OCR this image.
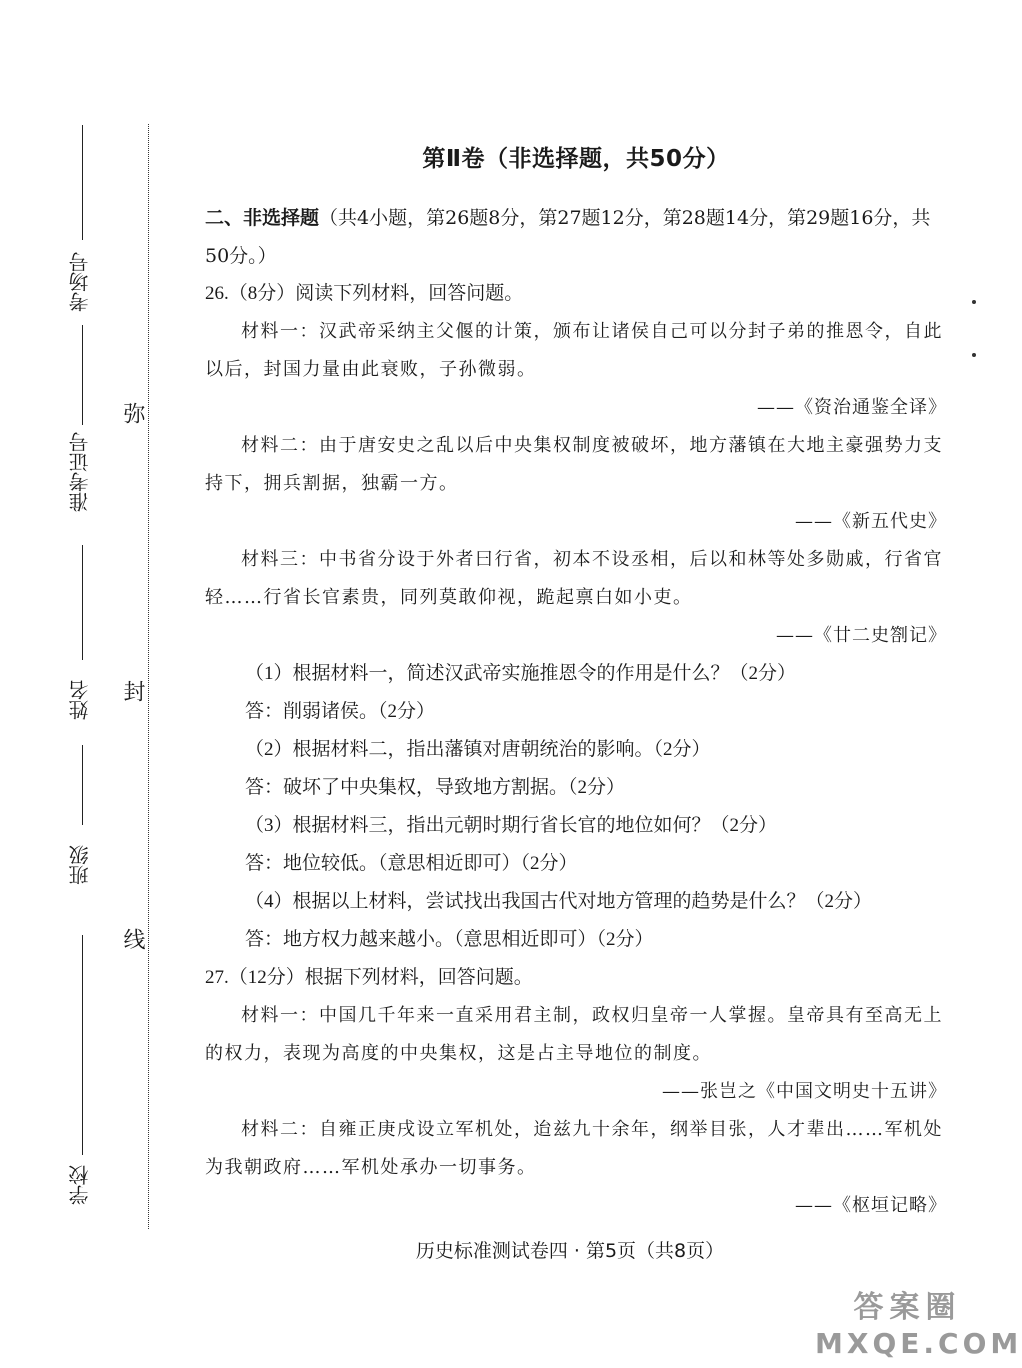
考场号
准考证号
姓名
班级
学校
弥
封
线
第Ⅱ卷（非选择题，共50分）

二、非选择题（共4小题，第26题8分，第27题12分，第28题14分，第29题16分，共50分。）

26.（8分）阅读下列材料，回答问题。

材料一：汉武帝采纳主父偃的计策，颁布让诸侯自己可以分封子弟的推恩令，自此以后，封国力量由此衰败，子孙微弱。

——《资治通鉴全译》

材料二：由于唐安史之乱以后中央集权制度被破坏，地方藩镇在大地主豪强势力支持下，拥兵割据，独霸一方。

——《新五代史》

材料三：中书省分设于外者曰行省，初本不设丞相，后以和林等处多勋戚，行省官轻……行省长官素贵，同列莫敢仰视，跪起禀白如小吏。

——《廿二史劄记》

（1）根据材料一，简述汉武帝实施推恩令的作用是什么？（2分）

答：削弱诸侯。（2分）

（2）根据材料二，指出藩镇对唐朝统治的影响。（2分）

答：破坏了中央集权，导致地方割据。（2分）

（3）根据材料三，指出元朝时期行省长官的地位如何？（2分）

答：地位较低。（意思相近即可）（2分）

（4）根据以上材料，尝试找出我国古代对地方管理的趋势是什么？（2分）

答：地方权力越来越小。（意思相近即可）（2分）

27.（12分）根据下列材料，回答问题。

材料一：中国几千年来一直采用君主制，政权归皇帝一人掌握。皇帝具有至高无上的权力，表现为高度的中央集权，这是占主导地位的制度。

——张岂之《中国文明史十五讲》

材料二：自雍正庚戌设立军机处，迨兹九十余年，纲举目张，人才辈出……军机处为我朝政府……军机处承办一切事务。

——《枢垣记略》

历史标准测试卷四 · 第5页（共8页）
答案圈
MXQE.COM
